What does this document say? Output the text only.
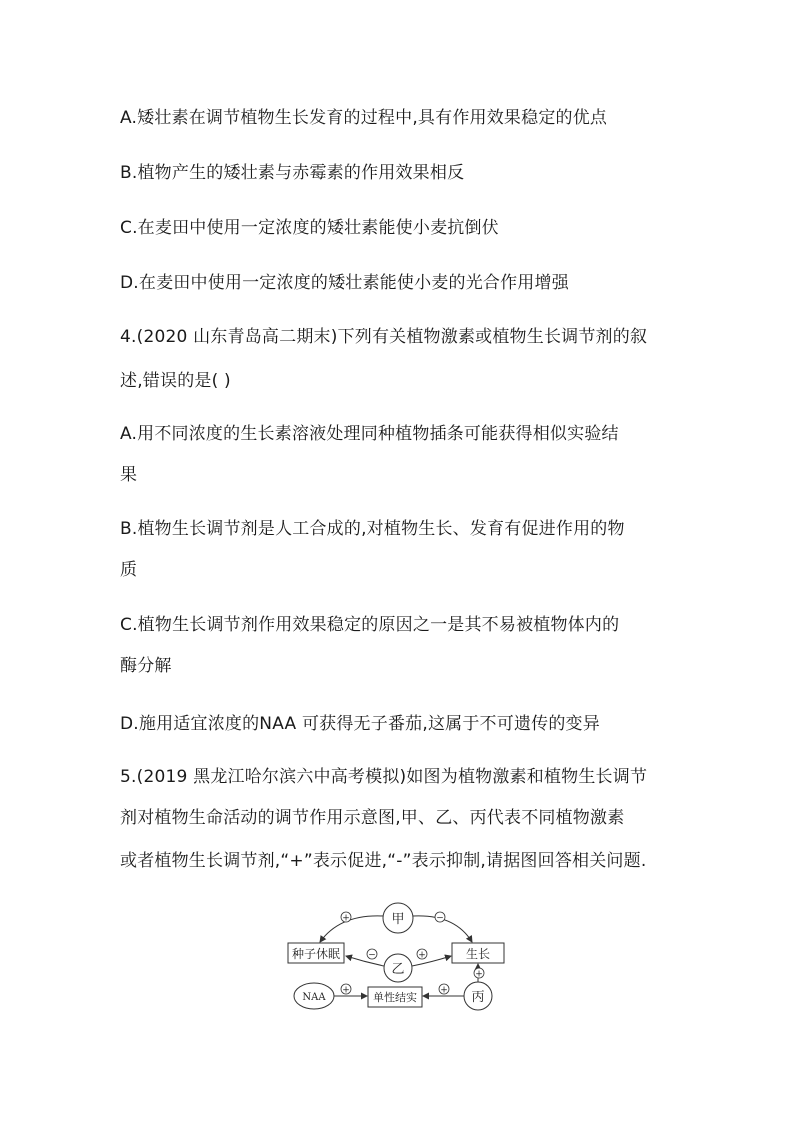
A.矮壮素在调节植物生长发育的过程中,具有作用效果稳定的优点
B.植物产生的矮壮素与赤霉素的作用效果相反
C.在麦田中使用一定浓度的矮壮素能使小麦抗倒伏
D.在麦田中使用一定浓度的矮壮素能使小麦的光合作用增强
4.(2020 山东青岛高二期末)下列有关植物激素或植物生长调节剂的叙
述,错误的是( )
A.用不同浓度的生长素溶液处理同种植物插条可能获得相似实验结
果
B.植物生长调节剂是人工合成的,对植物生长、发育有促进作用的物
质
C.植物生长调节剂作用效果稳定的原因之一是其不易被植物体内的
酶分解
D.施用适宜浓度的NAA 可获得无子番茄,这属于不可遗传的变异
5.(2019 黑龙江哈尔滨六中高考模拟)如图为植物激素和植物生长调节
剂对植物生命活动的调节作用示意图,甲、乙、丙代表不同植物激素
或者植物生长调节剂,“+”表示促进,“-”表示抑制,请据图回答相关问题.
甲
种子休眠	生长
乙
NAA	单性结实	丙
+	−
−	+
+	+
+
